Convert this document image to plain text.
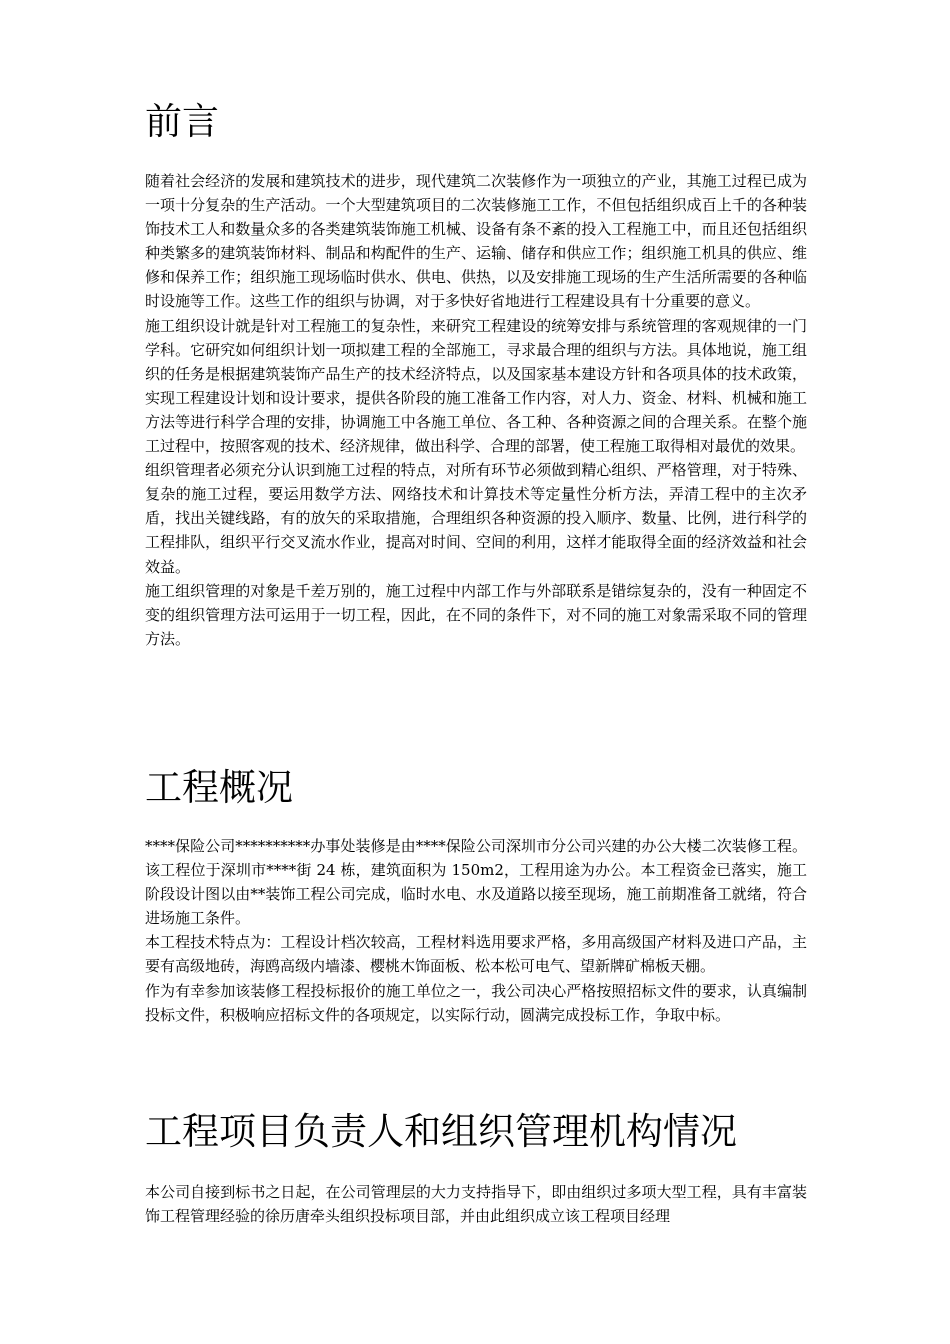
前言

随着社会经济的发展和建筑技术的进步，现代建筑二次装修作为一项独立的产业，其施工过程已成为一项十分复杂的生产活动。一个大型建筑项目的二次装修施工工作，不但包括组织成百上千的各种装饰技术工人和数量众多的各类建筑装饰施工机械、设备有条不紊的投入工程施工中，而且还包括组织种类繁多的建筑装饰材料、制品和构配件的生产、运输、储存和供应工作；组织施工机具的供应、维修和保养工作；组织施工现场临时供水、供电、供热，以及安排施工现场的生产生活所需要的各种临时设施等工作。这些工作的组织与协调，对于多快好省地进行工程建设具有十分重要的意义。

施工组织设计就是针对工程施工的复杂性，来研究工程建设的统筹安排与系统管理的客观规律的一门学科。它研究如何组织计划一项拟建工程的全部施工，寻求最合理的组织与方法。具体地说，施工组织的任务是根据建筑装饰产品生产的技术经济特点，以及国家基本建设方针和各项具体的技术政策，实现工程建设计划和设计要求，提供各阶段的施工准备工作内容，对人力、资金、材料、机械和施工方法等进行科学合理的安排，协调施工中各施工单位、各工种、各种资源之间的合理关系。在整个施工过程中，按照客观的技术、经济规律，做出科学、合理的部署，使工程施工取得相对最优的效果。

组织管理者必须充分认识到施工过程的特点，对所有环节必须做到精心组织、严格管理，对于特殊、复杂的施工过程，要运用数学方法、网络技术和计算技术等定量性分析方法，弄清工程中的主次矛盾，找出关键线路，有的放矢的采取措施，合理组织各种资源的投入顺序、数量、比例，进行科学的工程排队，组织平行交叉流水作业，提高对时间、空间的利用，这样才能取得全面的经济效益和社会效益。

施工组织管理的对象是千差万别的，施工过程中内部工作与外部联系是错综复杂的，没有一种固定不变的组织管理方法可运用于一切工程，因此，在不同的条件下，对不同的施工对象需采取不同的管理方法。

工程概况

****保险公司**********办事处装修是由****保险公司深圳市分公司兴建的办公大楼二次装修工程。该工程位于深圳市****街 24 栋，建筑面积为 150m2，工程用途为办公。本工程资金已落实，施工阶段设计图以由**装饰工程公司完成，临时水电、水及道路以接至现场，施工前期准备工就绪，符合进场施工条件。

本工程技术特点为：工程设计档次较高，工程材料选用要求严格，多用高级国产材料及进口产品，主要有高级地砖，海鸥高级内墙漆、樱桃木饰面板、松本松可电气、望新牌矿棉板天棚。

作为有幸参加该装修工程投标报价的施工单位之一，我公司决心严格按照招标文件的要求，认真编制投标文件，积极响应招标文件的各项规定，以实际行动，圆满完成投标工作，争取中标。

工程项目负责人和组织管理机构情况

本公司自接到标书之日起，在公司管理层的大力支持指导下，即由组织过多项大型工程，具有丰富装饰工程管理经验的徐历唐牵头组织投标项目部，并由此组织成立该工程项目经理
